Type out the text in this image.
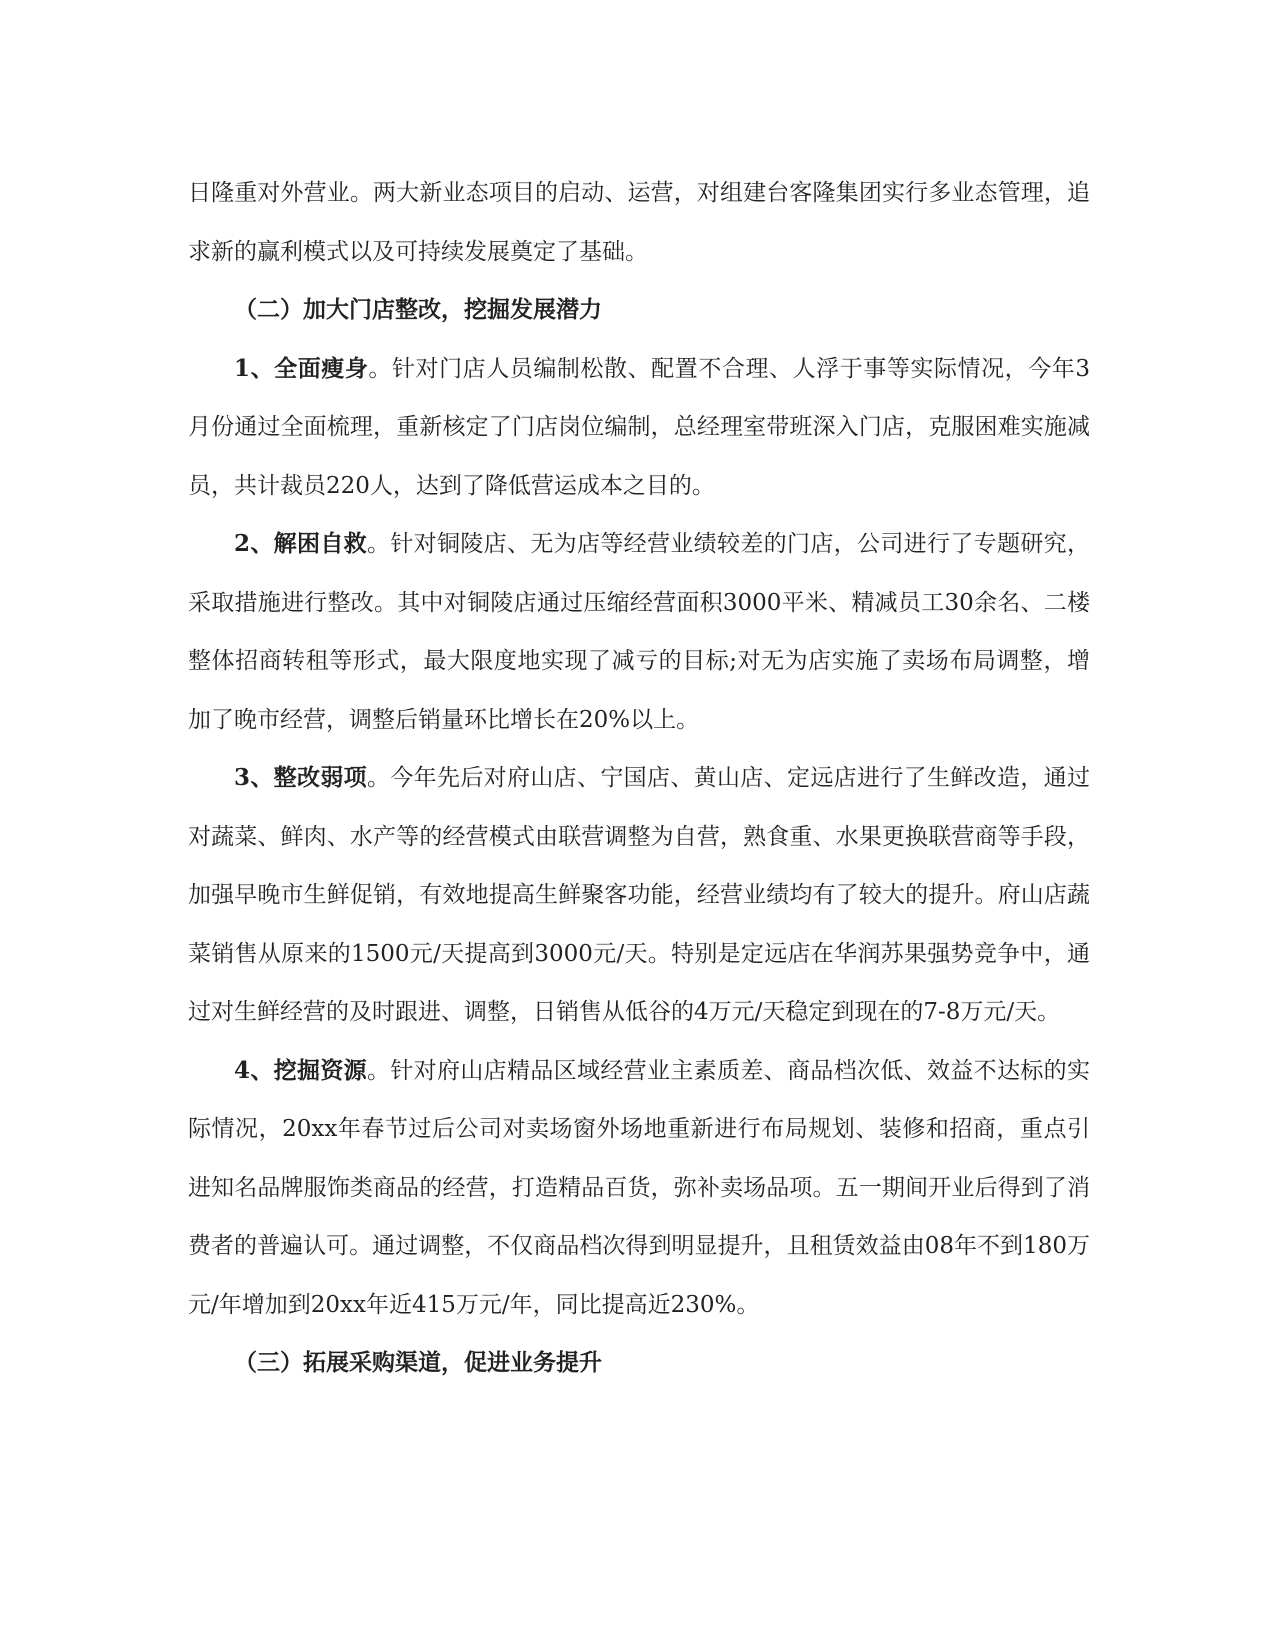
日隆重对外营业。两大新业态项目的启动、运营，对组建台客隆集团实行多业态管理，追求新的赢利模式以及可持续发展奠定了基础。

（二）加大门店整改，挖掘发展潜力

1、全面瘦身。针对门店人员编制松散、配置不合理、人浮于事等实际情况，今年3月份通过全面梳理，重新核定了门店岗位编制，总经理室带班深入门店，克服困难实施减员，共计裁员220人，达到了降低营运成本之目的。

2、解困自救。针对铜陵店、无为店等经营业绩较差的门店，公司进行了专题研究，采取措施进行整改。其中对铜陵店通过压缩经营面积3000平米、精减员工30余名、二楼整体招商转租等形式，最大限度地实现了减亏的目标;对无为店实施了卖场布局调整，增加了晚市经营，调整后销量环比增长在20%以上。

3、整改弱项。今年先后对府山店、宁国店、黄山店、定远店进行了生鲜改造，通过对蔬菜、鲜肉、水产等的经营模式由联营调整为自营，熟食重、水果更换联营商等手段，加强早晚市生鲜促销，有效地提高生鲜聚客功能，经营业绩均有了较大的提升。府山店蔬菜销售从原来的1500元/天提高到3000元/天。特别是定远店在华润苏果强势竞争中，通过对生鲜经营的及时跟进、调整，日销售从低谷的4万元/天稳定到现在的7-8万元/天。

4、挖掘资源。针对府山店精品区域经营业主素质差、商品档次低、效益不达标的实际情况，20xx年春节过后公司对卖场窗外场地重新进行布局规划、装修和招商，重点引进知名品牌服饰类商品的经营，打造精品百货，弥补卖场品项。五一期间开业后得到了消费者的普遍认可。通过调整，不仅商品档次得到明显提升，且租赁效益由08年不到180万元/年增加到20xx年近415万元/年，同比提高近230%。

（三）拓展采购渠道，促进业务提升
